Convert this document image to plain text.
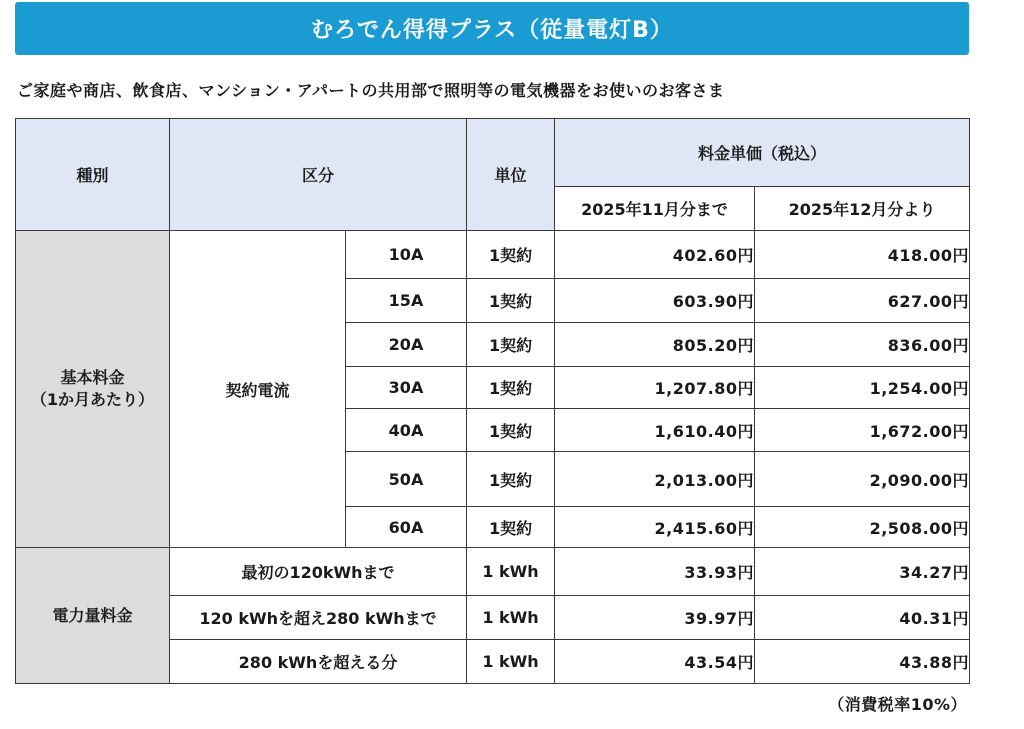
むろでん得得プラス（従量電灯B）
ご家庭や商店、飲食店、マンション・アパートの共用部で照明等の電気機器をお使いのお客さま
種別	区分		単位	料金単価（税込）	
				2025年11月分まで	2025年12月分より
基本料金
（1か月あたり）	契約電流	10A	1契約	402.60円	418.00円
		15A	1契約	603.90円	627.00円
		20A	1契約	805.20円	836.00円
		30A	1契約	1,207.80円	1,254.00円
		40A	1契約	1,610.40円	1,672.00円
		50A	1契約	2,013.00円	2,090.00円
		60A	1契約	2,415.60円	2,508.00円
電力量料金	最初の120kWhまで		1 kWh	33.93円	34.27円
	120 kWhを超え280 kWhまで		1 kWh	39.97円	40.31円
	280 kWhを超える分		1 kWh	43.54円	43.88円
（消費税率10%）
